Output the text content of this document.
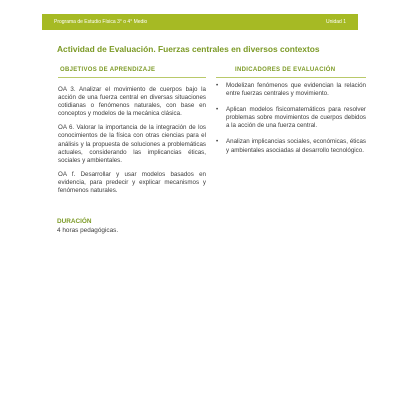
Programa de Estudio Física 3° o 4° Medio	Unidad 1
Actividad de Evaluación. Fuerzas centrales en diversos contextos
OBJETIVOS DE APRENDIZAJE	INDICADORES DE EVALUACIÓN

OA 3. Analizar el movimiento de cuerpos bajo la acción de una fuerza central en diversas situaciones cotidianas o fenómenos naturales, con base en conceptos y modelos de la mecánica clásica.

OA 6. Valorar la importancia de la integración de los conocimientos de la física con otras ciencias para el análisis y la propuesta de soluciones a problemáticas actuales, considerando las implicancias éticas, sociales y ambientales.

OA f. Desarrollar y usar modelos basados en evidencia, para predecir y explicar mecanismos y fenómenos naturales.

• Modelizan fenómenos que evidencian la relación entre fuerzas centrales y movimiento.
• Aplican modelos fisicomatemáticos para resolver problemas sobre movimientos de cuerpos debidos a la acción de una fuerza central.
• Analizan implicancias sociales, económicas, éticas y ambientales asociadas al desarrollo tecnológico.
DURACIÓN
4 horas pedagógicas.
